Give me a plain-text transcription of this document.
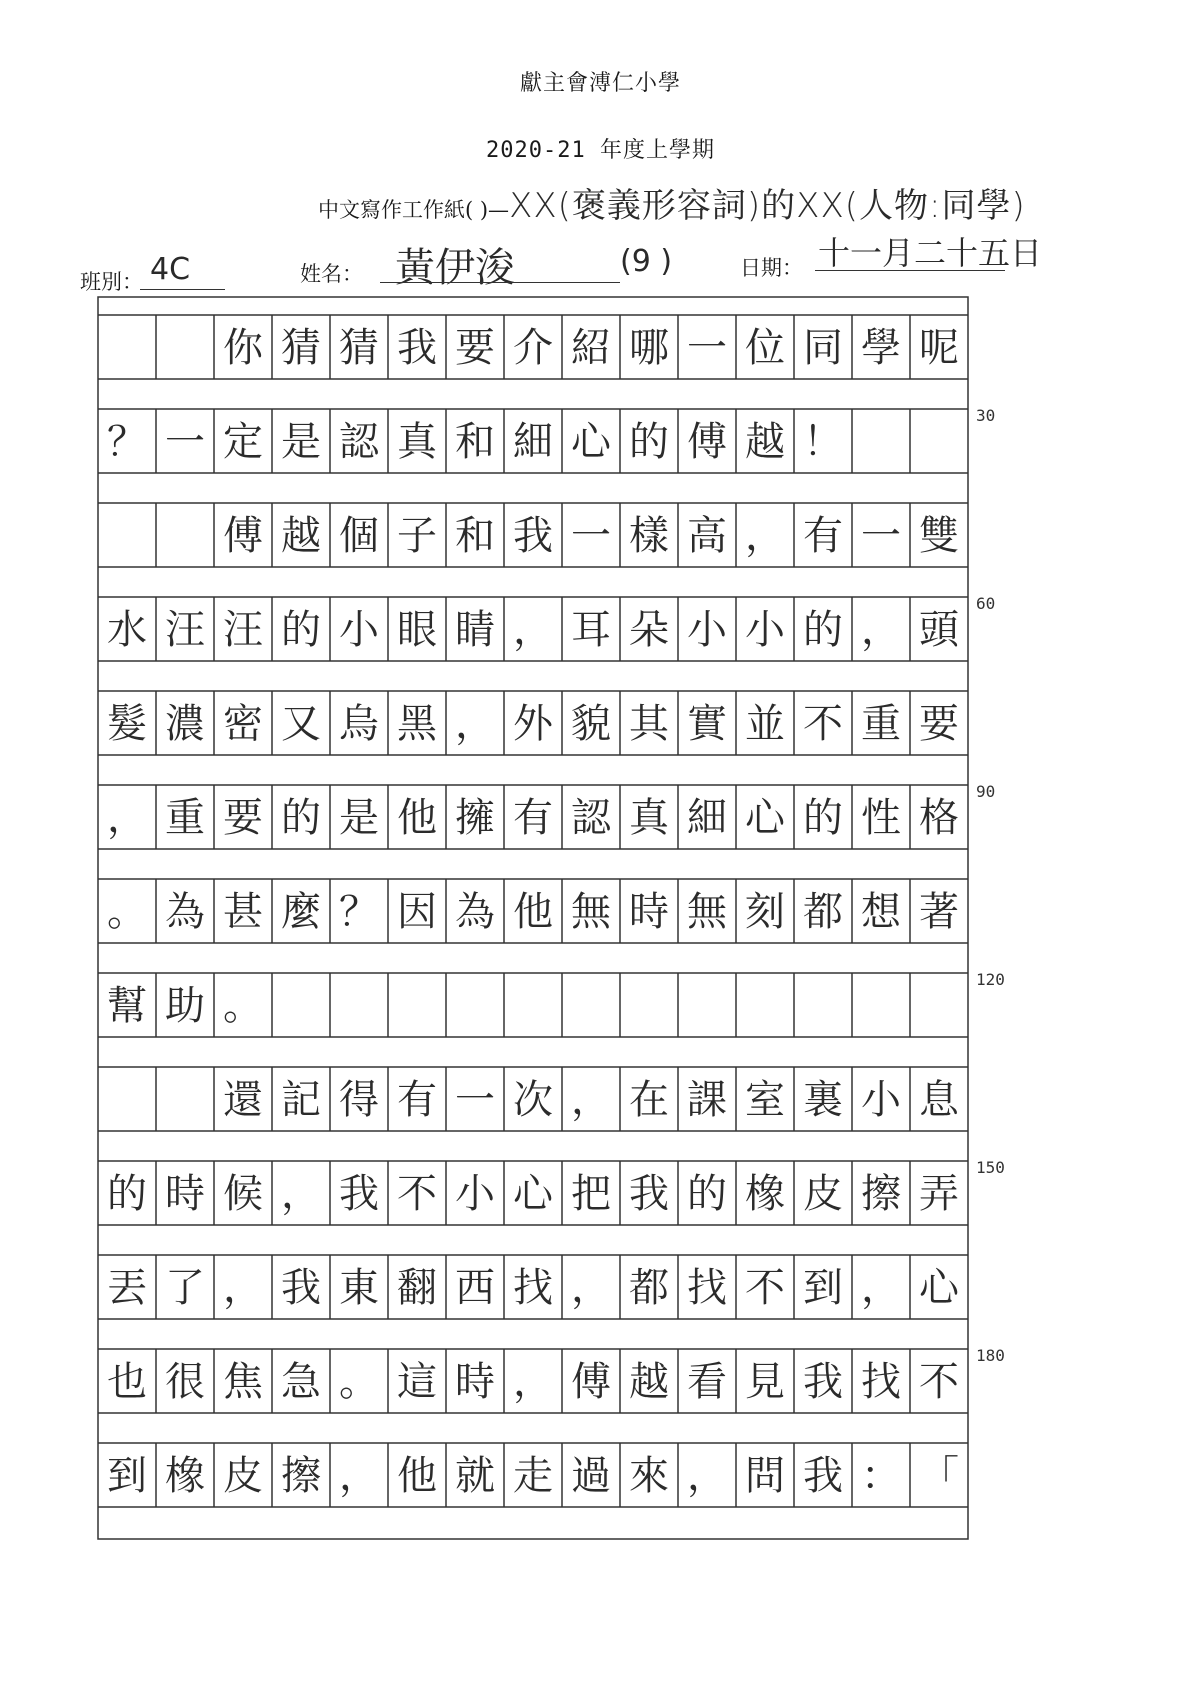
獻主會溥仁小學
2020-21 年度上學期
中文寫作工作紙( )—XX(褒義形容詞)的XX(人物:同學)
班別： 4C	姓名： 黃伊浚	(9 )	日期： 十一月二十五日
你 猜 猜 我 要 介 紹 哪 一 位 同 學 呢
？ 一 定 是 認 真 和 細 心 的 傅 越 ！
傅 越 個 子 和 我 一 樣 高 ， 有 一 雙
水 汪 汪 的 小 眼 睛 ， 耳 朵 小 小 的 ， 頭
髮 濃 密 又 烏 黑 ， 外 貌 其 實 並 不 重 要
， 重 要 的 是 他 擁 有 認 真 細 心 的 性 格
。 為 甚 麼 ？ 因 為 他 無 時 無 刻 都 想 著
幫 助 。
還 記 得 有 一 次 ， 在 課 室 裏 小 息
的 時 候 ， 我 不 小 心 把 我 的 橡 皮 擦 弄
丟 了 ， 我 東 翻 西 找 ， 都 找 不 到 ， 心
也 很 焦 急 。 這 時 ， 傅 越 看 見 我 找 不
到 橡 皮 擦 ， 他 就 走 過 來 ， 問 我 ： 「
30
60
90
120
150
180
